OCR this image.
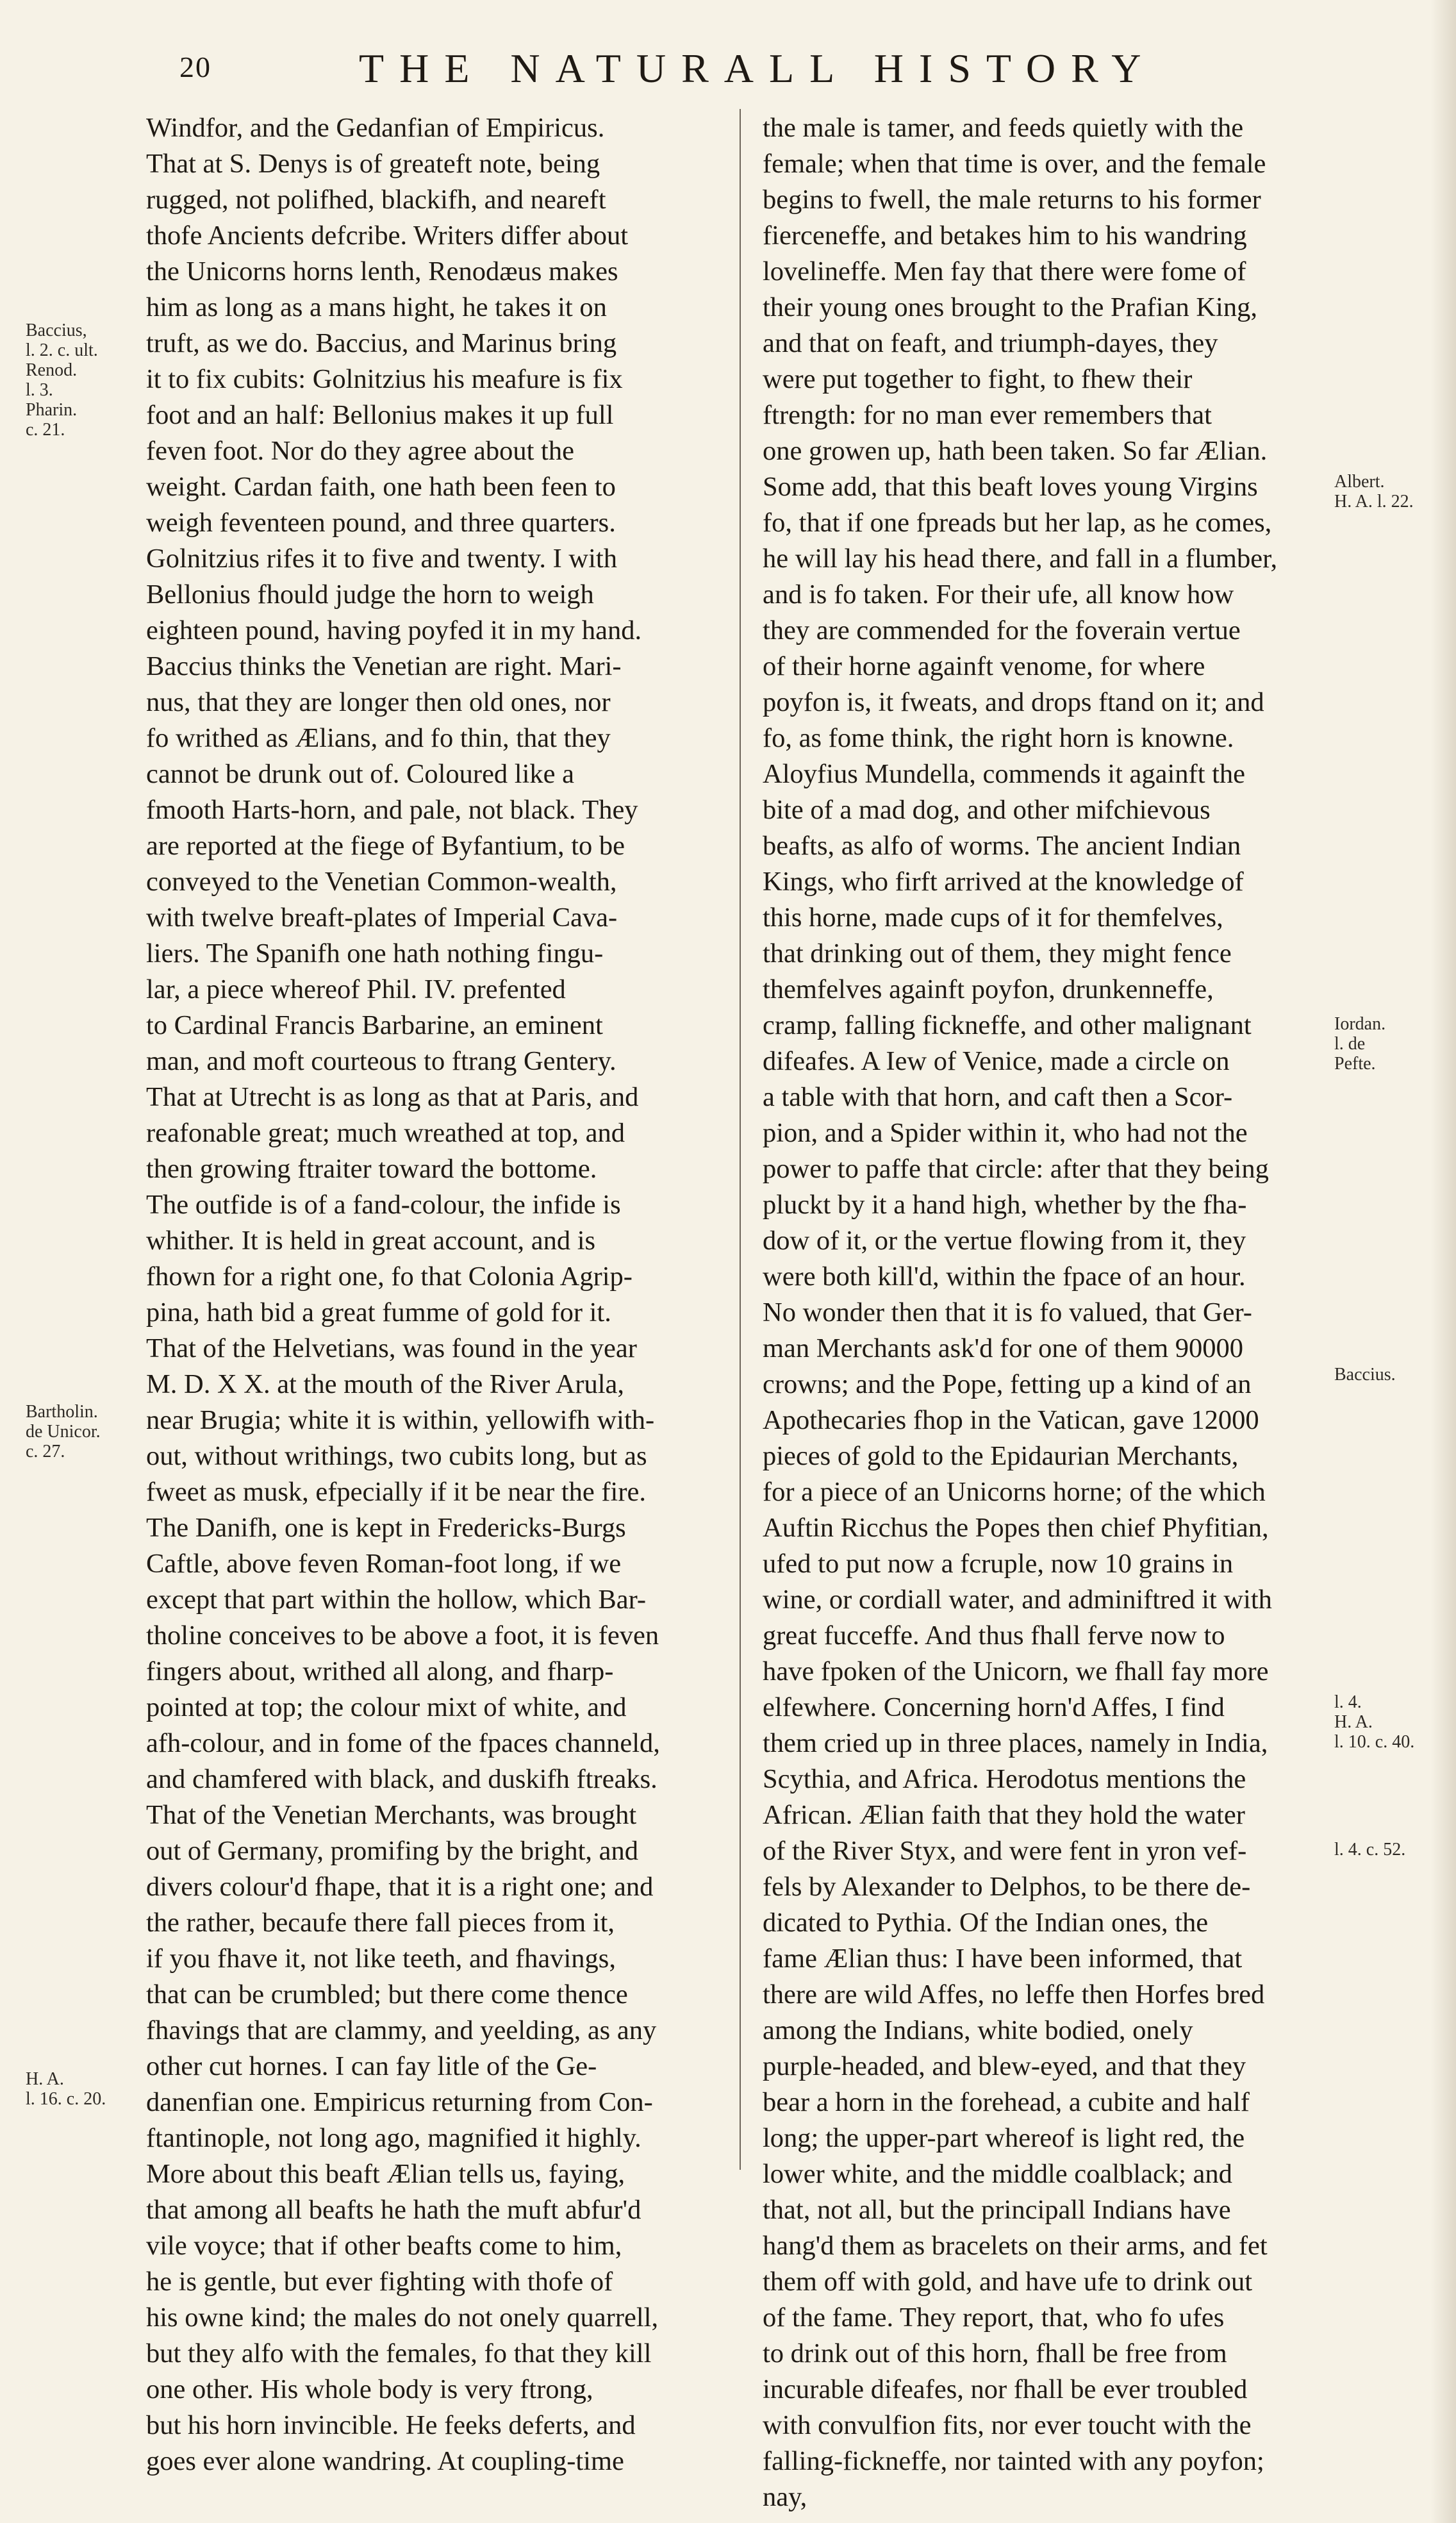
20	THE NATURALL HISTORY
Baccius,
l. 2. c. ult.
Renod.
l. 3.
Pharin.
c. 21.
Bartholin.
de Unicor.
c. 27.
H. A.
l. 16. c. 20.
Windfor, and the Gedanfian of Empiricus.
That at S. Denys is of greateft note, being
rugged, not polifhed, blackifh, and neareft
thofe Ancients defcribe. Writers differ about
the Unicorns horns lenth, Renodæus makes
him as long as a mans hight, he takes it on
truft, as we do. Baccius, and Marinus bring
it to fix cubits: Golnitzius his meafure is fix
foot and an half: Bellonius makes it up full
feven foot. Nor do they agree about the
weight. Cardan faith, one hath been feen to
weigh feventeen pound, and three quarters.
Golnitzius rifes it to five and twenty. I with
Bellonius fhould judge the horn to weigh
eighteen pound, having poyfed it in my hand.
Baccius thinks the Venetian are right. Mari-
nus, that they are longer then old ones, nor
fo writhed as Ælians, and fo thin, that they
cannot be drunk out of. Coloured like a
fmooth Harts-horn, and pale, not black. They
are reported at the fiege of Byfantium, to be
conveyed to the Venetian Common-wealth,
with twelve breaft-plates of Imperial Cava-
liers. The Spanifh one hath nothing fingu-
lar, a piece whereof Phil. IV. prefented
to Cardinal Francis Barbarine, an eminent
man, and moft courteous to ftrang Gentery.
That at Utrecht is as long as that at Paris, and
reafonable great; much wreathed at top, and
then growing ftraiter toward the bottome.
The outfide is of a fand-colour, the infide is
whither. It is held in great account, and is
fhown for a right one, fo that Colonia Agrip-
pina, hath bid a great fumme of gold for it.
That of the Helvetians, was found in the year
M. D. X X. at the mouth of the River Arula,
near Brugia; white it is within, yellowifh with-
out, without writhings, two cubits long, but as
fweet as musk, efpecially if it be near the fire.
The Danifh, one is kept in Fredericks-Burgs
Caftle, above feven Roman-foot long, if we
except that part within the hollow, which Bar-
tholine conceives to be above a foot, it is feven
fingers about, writhed all along, and fharp-
pointed at top; the colour mixt of white, and
afh-colour, and in fome of the fpaces channeld,
and chamfered with black, and duskifh ftreaks.
That of the Venetian Merchants, was brought
out of Germany, promifing by the bright, and
divers colour'd fhape, that it is a right one; and
the rather, becaufe there fall pieces from it,
if you fhave it, not like teeth, and fhavings,
that can be crumbled; but there come thence
fhavings that are clammy, and yeelding, as any
other cut hornes. I can fay litle of the Ge-
danenfian one. Empiricus returning from Con-
ftantinople, not long ago, magnified it highly.
More about this beaft Ælian tells us, faying,
that among all beafts he hath the muft abfur'd
vile voyce; that if other beafts come to him,
he is gentle, but ever fighting with thofe of
his owne kind; the males do not onely quarrell,
but they alfo with the females, fo that they kill
one other. His whole body is very ftrong,
but his horn invincible. He feeks deferts, and
goes ever alone wandring. At coupling-time
the male is tamer, and feeds quietly with the
female; when that time is over, and the female
begins to fwell, the male returns to his former
fierceneffe, and betakes him to his wandring
lovelineffe. Men fay that there were fome of
their young ones brought to the Prafian King,
and that on feaft, and triumph-dayes, they
were put together to fight, to fhew their
ftrength: for no man ever remembers that
one growen up, hath been taken. So far Ælian.
Some add, that this beaft loves young Virgins
fo, that if one fpreads but her lap, as he comes,
he will lay his head there, and fall in a flumber,
and is fo taken. For their ufe, all know how
they are commended for the foverain vertue
of their horne againft venome, for where
poyfon is, it fweats, and drops ftand on it; and
fo, as fome think, the right horn is knowne.
Aloyfius Mundella, commends it againft the
bite of a mad dog, and other mifchievous
beafts, as alfo of worms. The ancient Indian
Kings, who firft arrived at the knowledge of
this horne, made cups of it for themfelves,
that drinking out of them, they might fence
themfelves againft poyfon, drunkenneffe,
cramp, falling fickneffe, and other malignant
difeafes. A Iew of Venice, made a circle on
a table with that horn, and caft then a Scor-
pion, and a Spider within it, who had not the
power to paffe that circle: after that they being
pluckt by it a hand high, whether by the fha-
dow of it, or the vertue flowing from it, they
were both kill'd, within the fpace of an hour.
No wonder then that it is fo valued, that Ger-
man Merchants ask'd for one of them 90000
crowns; and the Pope, fetting up a kind of an
Apothecaries fhop in the Vatican, gave 12000
pieces of gold to the Epidaurian Merchants,
for a piece of an Unicorns horne; of the which
Auftin Ricchus the Popes then chief Phyfitian,
ufed to put now a fcruple, now 10 grains in
wine, or cordiall water, and adminiftred it with
great fucceffe. And thus fhall ferve now to
have fpoken of the Unicorn, we fhall fay more
elfewhere. Concerning horn'd Affes, I find
them cried up in three places, namely in India,
Scythia, and Africa. Herodotus mentions the
African. Ælian faith that they hold the water
of the River Styx, and were fent in yron vef-
fels by Alexander to Delphos, to be there de-
dicated to Pythia. Of the Indian ones, the
fame Ælian thus: I have been informed, that
there are wild Affes, no leffe then Horfes bred
among the Indians, white bodied, onely
purple-headed, and blew-eyed, and that they
bear a horn in the forehead, a cubite and half
long; the upper-part whereof is light red, the
lower white, and the middle coalblack; and
that, not all, but the principall Indians have
hang'd them as bracelets on their arms, and fet
them off with gold, and have ufe to drink out
of the fame. They report, that, who fo ufes
to drink out of this horn, fhall be free from
incurable difeafes, nor fhall be ever troubled
with convulfion fits, nor ever toucht with the
falling-fickneffe, nor tainted with any poyfon;
nay,
Albert.
H. A. l. 22.
Iordan.
l. de
Pefte.
Baccius.
l. 4.
H. A.
l. 10. c. 40.
l. 4. c. 52.
